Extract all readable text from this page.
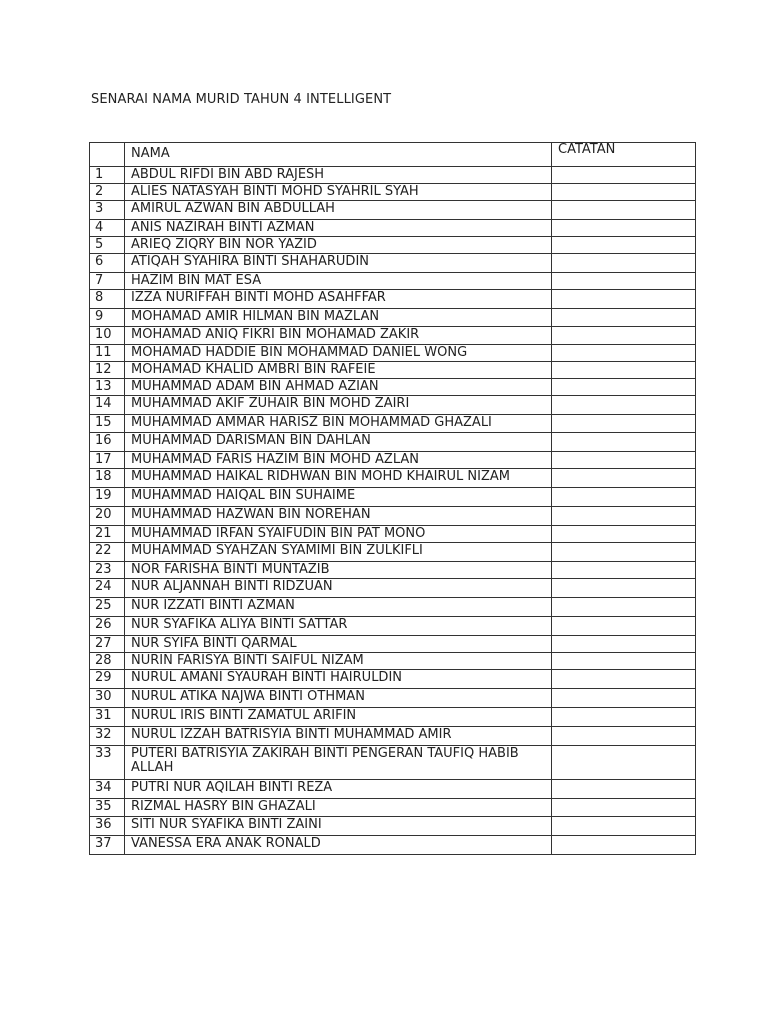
SENARAI NAMA MURID TAHUN 4 INTELLIGENT
	NAMA	CATATAN
1	ABDUL RIFDI BIN ABD RAJESH	
2	ALIES NATASYAH BINTI MOHD SYAHRIL SYAH	
3	AMIRUL AZWAN BIN ABDULLAH	
4	ANIS NAZIRAH BINTI AZMAN	
5	ARIEQ ZIQRY BIN NOR YAZID	
6	ATIQAH SYAHIRA BINTI SHAHARUDIN	
7	HAZIM BIN MAT ESA	
8	IZZA NURIFFAH BINTI MOHD ASAHFFAR	
9	MOHAMAD AMIR HILMAN BIN MAZLAN	
10	MOHAMAD ANIQ FIKRI BIN MOHAMAD ZAKIR	
11	MOHAMAD HADDIE BIN MOHAMMAD DANIEL WONG	
12	MOHAMAD KHALID AMBRI BIN RAFEIE	
13	MUHAMMAD ADAM BIN AHMAD AZIAN	
14	MUHAMMAD AKIF ZUHAIR BIN MOHD ZAIRI	
15	MUHAMMAD AMMAR HARISZ BIN MOHAMMAD GHAZALI	
16	MUHAMMAD DARISMAN BIN DAHLAN	
17	MUHAMMAD FARIS HAZIM BIN MOHD AZLAN	
18	MUHAMMAD HAIKAL RIDHWAN BIN MOHD KHAIRUL NIZAM	
19	MUHAMMAD HAIQAL BIN SUHAIME	
20	MUHAMMAD HAZWAN BIN NOREHAN	
21	MUHAMMAD IRFAN SYAIFUDIN BIN PAT MONO	
22	MUHAMMAD SYAHZAN SYAMIMI BIN ZULKIFLI	
23	NOR FARISHA BINTI MUNTAZIB	
24	NUR ALJANNAH BINTI RIDZUAN	
25	NUR IZZATI BINTI AZMAN	
26	NUR SYAFIKA ALIYA BINTI SATTAR	
27	NUR SYIFA BINTI QARMAL	
28	NURIN FARISYA BINTI SAIFUL NIZAM	
29	NURUL AMANI SYAURAH BINTI HAIRULDIN	
30	NURUL ATIKA NAJWA BINTI OTHMAN	
31	NURUL IRIS BINTI ZAMATUL ARIFIN	
32	NURUL IZZAH BATRISYIA BINTI MUHAMMAD AMIR	
33	PUTERI BATRISYIA ZAKIRAH BINTI PENGERAN TAUFIQ HABIB ALLAH	
34	PUTRI NUR AQILAH BINTI REZA	
35	RIZMAL HASRY BIN GHAZALI	
36	SITI NUR SYAFIKA BINTI ZAINI	
37	VANESSA ERA ANAK RONALD	
